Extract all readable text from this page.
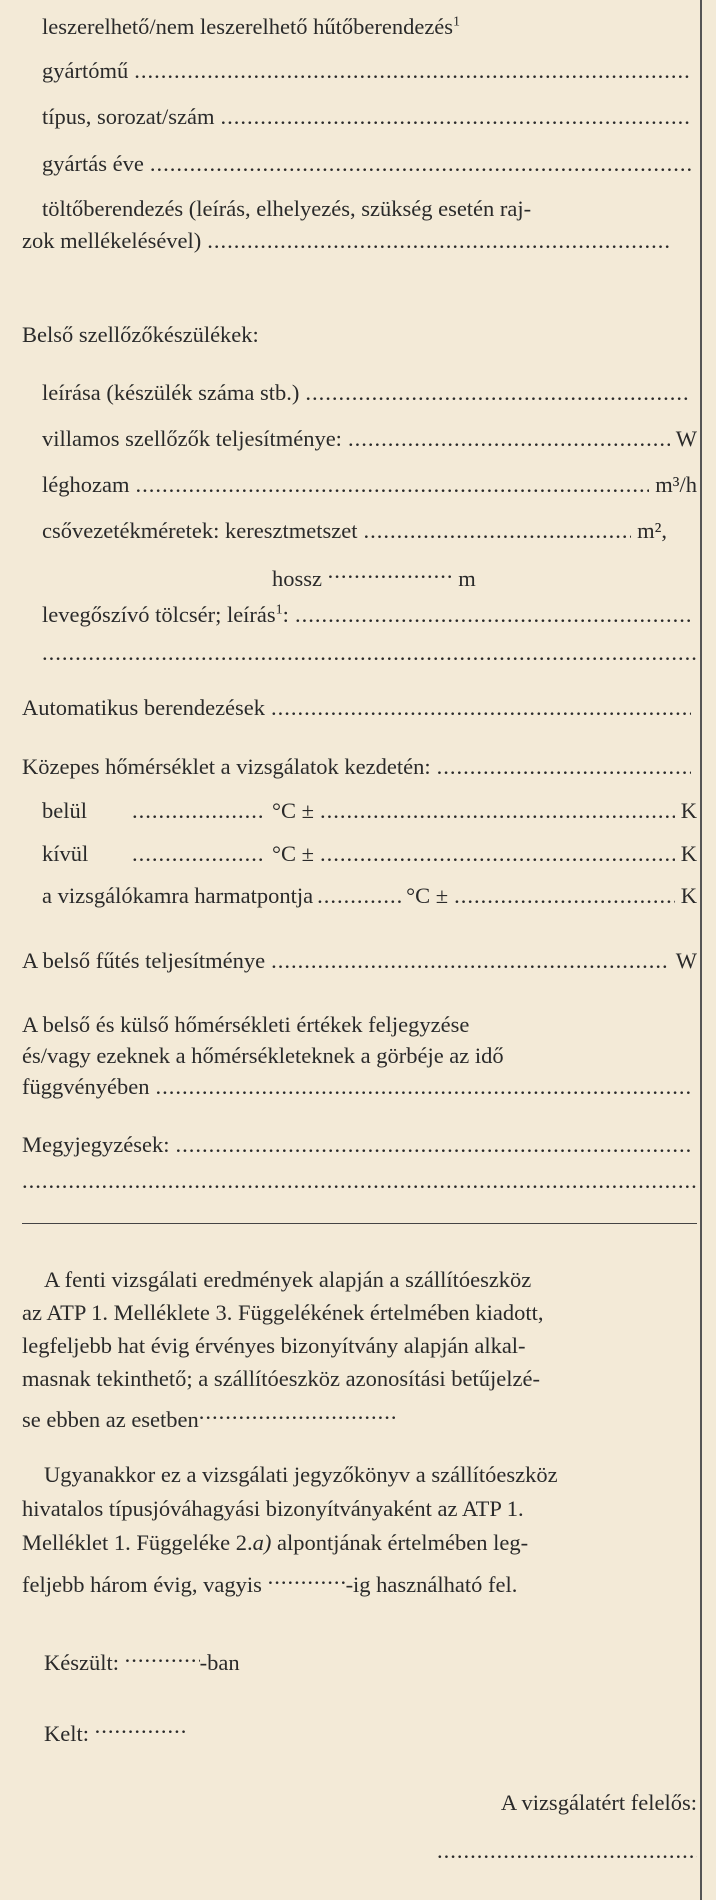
leszerelhető/nem leszerelhető hűtőberendezés$^1$
gyártómű
.....
típus, sorozat/szám
.....
gyártás éve
.....
töltőberendezés (leírás, elhelyezés, szükség esetén raj-
zok mellékelésével)
.....
Belső szellőzőkészülékek:
leírása (készülék száma stb.)
.....
villamos szellőzők teljesítménye: .....	W
léghozam .....	m³/h
csővezetékméretek: keresztmetszet .....	m²,
hossz .....	m
levegőszívó tölcsér; leírás$^1$:
.....
.....
Automatikus berendezések
.....
Közepes hőmérséklet a vizsgálatok kezdetén:
.....
belül .....	°C ± .....	K
kívül .....	°C ± .....	K
a vizsgálókamra harmatpontja .....	°C ± .....	K
A belső fűtés teljesítménye .....	W
A belső és külső hőmérsékleti értékek feljegyzése
és/vagy ezeknek a hőmérsékleteknek a görbéje az idő
függvényében
.....
Megyjegyzések:
.....
.....
A fenti vizsgálati eredmények alapján a szállítóeszköz
az ATP 1. Melléklete 3. Függelékének értelmében kiadott,
legfeljebb hat évig érvényes bizonyítvány alapján alkal-
masnak tekinthető; a szállítóeszköz azonosítási betűjelzé-
se ebben az esetben.....
Ugyanakkor ez a vizsgálati jegyzőkönyv a szállítóeszköz
hivatalos típusjóváhagyási bizonyítványaként az ATP 1.
Melléklet 1. Függeléke 2.a) alpontjának értelmében leg-
feljebb három évig, vagyis .....	-ig használható fel.
Készült: .....	-ban
Kelt: .....
A vizsgálatért felelős:
.....
